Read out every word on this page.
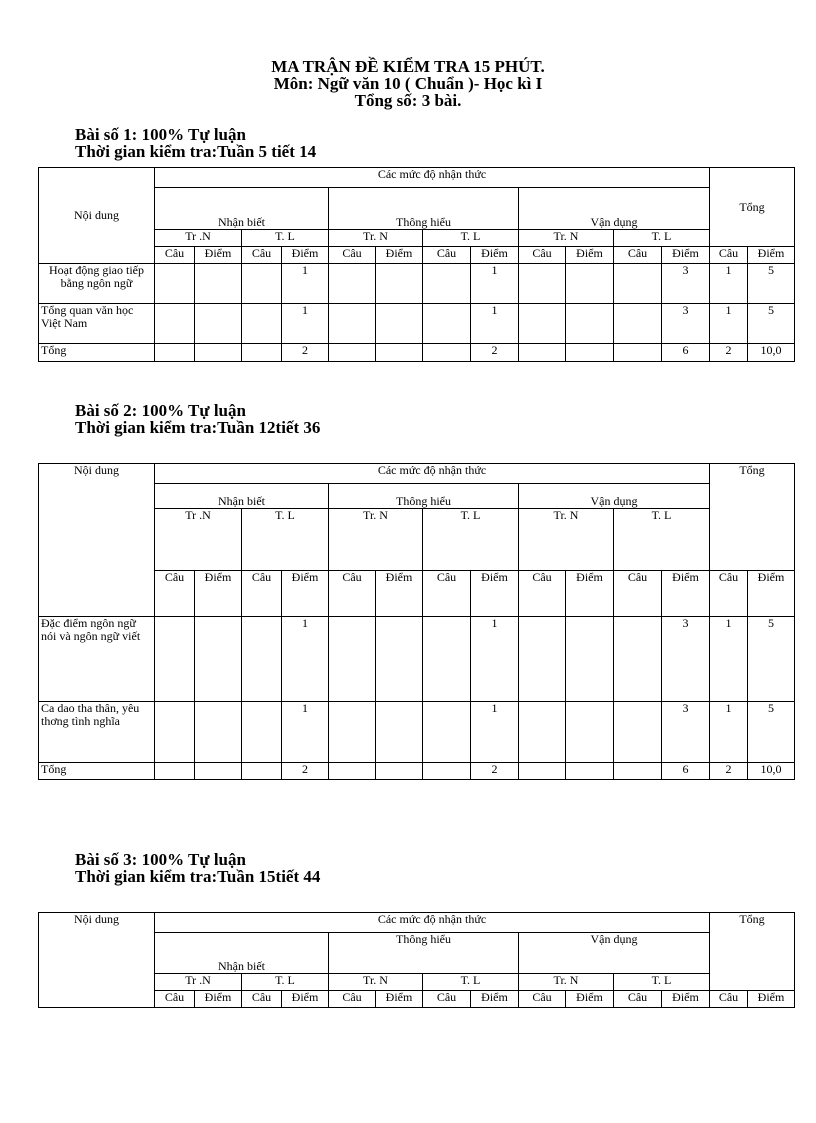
MA TRẬN ĐỀ KIỂM TRA 15 PHÚT.
Môn: Ngữ văn 10 ( Chuẩn )- Học kì I
Tổng số: 3 bài.
Bài số 1: 100% Tự luận
Thời gian kiểm tra:Tuần 5 tiết 14
Nội dung	Các mức độ nhận thức												Tổng	
	Nhận biết				Thông hiểu				Vận dụng					
	Tr .N		T. L		Tr. N		T. L		Tr. N		T. L			
	Câu	Điểm	Câu	Điểm	Câu	Điểm	Câu	Điểm	Câu	Điểm	Câu	Điểm	Câu	Điểm
Hoạt động giao tiếp bằng ngôn ngữ				1				1				3	1	5
Tổng quan văn học Việt Nam				1				1				3	1	5
Tổng				2				2				6	2	10,0
Bài số 2: 100% Tự luận
Thời gian kiểm tra:Tuần 12tiết 36
Nội dung	Các mức độ nhận thức												Tổng	
	Nhận biết				Thông hiểu				Vận dụng					
	Tr .N		T. L		Tr. N		T. L		Tr. N		T. L			
	Câu	Điểm	Câu	Điểm	Câu	Điểm	Câu	Điểm	Câu	Điểm	Câu	Điểm	Câu	Điểm
Đặc điểm ngôn ngữ nói và ngôn ngữ viết				1				1				3	1	5
Ca dao tha thân, yêu thơng tình nghĩa				1				1				3	1	5
Tổng				2				2				6	2	10,0
Bài số 3: 100% Tự luận
Thời gian kiểm tra:Tuần 15tiết 44
Nội dung	Các mức độ nhận thức												Tổng	
	Nhận biết				Thông hiểu				Vận dụng					
	Tr .N		T. L		Tr. N		T. L		Tr. N		T. L			
	Câu	Điểm	Câu	Điểm	Câu	Điểm	Câu	Điểm	Câu	Điểm	Câu	Điểm	Câu	Điểm
